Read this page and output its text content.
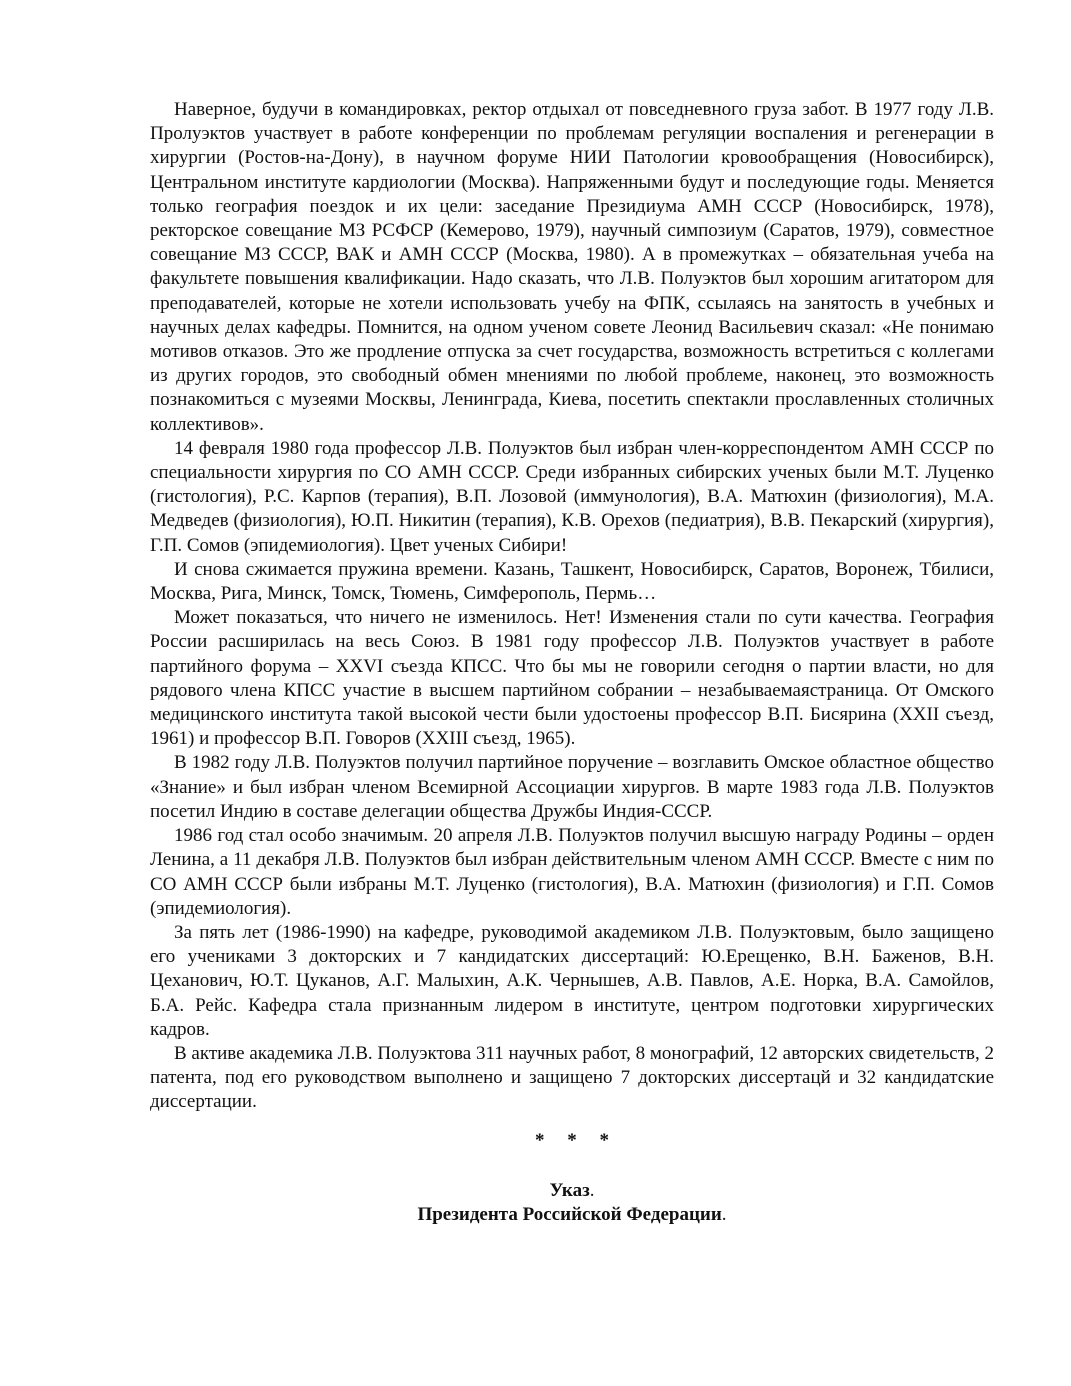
Наверное, будучи в командировках, ректор отдыхал от повседневного груза забот. В 1977 году Л.В. Пролуэктов участвует в работе конференции по проблемам регуляции воспаления и регенерации в хирургии (Ростов-на-Дону), в научном форуме НИИ Патологии кровообращения (Новосибирск), Центральном институте кардиологии (Москва). Напряженными будут и последующие годы. Меняется только география поездок и их цели: заседание Президиума АМН СССР (Новосибирск, 1978), ректорское совещание МЗ РСФСР (Кемерово, 1979), научный симпозиум (Саратов, 1979), совместное совещание МЗ СССР, ВАК и АМН СССР (Москва, 1980). А в промежутках – обязательная учеба на факультете повышения квалификации. Надо сказать, что Л.В. Полуэктов был хорошим агитатором для преподавателей, которые не хотели использовать учебу на ФПК, ссылаясь на занятость в учебных и научных делах кафедры. Помнится, на одном ученом совете Леонид Васильевич сказал: «Не понимаю мотивов отказов. Это же продление отпуска за счет государства, возможность встретиться с коллегами из других городов, это свободный обмен мнениями по любой проблеме, наконец, это возможность познакомиться с музеями Москвы, Ленинграда, Киева, посетить спектакли прославленных столичных коллективов».

14 февраля 1980 года профессор Л.В. Полуэктов был избран член-корреспондентом АМН СССР по специальности хирургия по СО АМН СССР. Среди избранных сибирских ученых были М.Т. Луценко (гистология), Р.С. Карпов (терапия), В.П. Лозовой (иммунология), В.А. Матюхин (физиология), М.А. Медведев (физиология), Ю.П. Никитин (терапия), К.В. Орехов (педиатрия), В.В. Пекарский (хирургия), Г.П. Сомов (эпидемиология). Цвет ученых Сибири!

И снова сжимается пружина времени. Казань, Ташкент, Новосибирск, Саратов, Воронеж, Тбилиси, Москва, Рига, Минск, Томск, Тюмень, Симферополь, Пермь…

Может показаться, что ничего не изменилось. Нет! Изменения стали по сути качества. География России расширилась на весь Союз. В 1981 году профессор Л.В. Полуэктов участвует в работе партийного форума – XXVI съезда КПСС. Что бы мы не говорили сегодня о партии власти, но для рядового члена КПСС участие в высшем партийном собрании – незабываемаястраница. От Омского медицинского института такой высокой чести были удостоены профессор В.П. Бисярина (XXII съезд, 1961) и профессор В.П. Говоров (XXIII съезд, 1965).

В 1982 году Л.В. Полуэктов получил партийное поручение – возглавить Омское областное общество «Знание» и был избран членом Всемирной Ассоциации хирургов. В марте 1983 года Л.В. Полуэктов посетил Индию в составе делегации общества Дружбы Индия-СССР.

1986 год стал особо значимым. 20 апреля Л.В. Полуэктов получил высшую награду Родины – орден Ленина, а 11 декабря Л.В. Полуэктов был избран действительным членом АМН СССР. Вместе с ним по СО АМН СССР были избраны М.Т. Луценко (гистология), В.А. Матюхин (физиология) и Г.П. Сомов (эпидемиология).

За пять лет (1986-1990) на кафедре, руководимой академиком Л.В. Полуэктовым, было защищено его учениками 3 докторских и 7 кандидатских диссертаций: Ю.Ерещенко, В.Н. Баженов, В.Н. Цеханович, Ю.Т. Цуканов, А.Г. Малыхин, А.К. Чернышев, А.В. Павлов, А.Е. Норка, В.А. Самойлов, Б.А. Рейс. Кафедра стала признанным лидером в институте, центром подготовки хирургических кадров.

В активе академика Л.В. Полуэктова 311 научных работ, 8 монографий, 12 авторских свидетельств, 2 патента, под его руководством выполнено и защищено 7 докторских диссертацй и 32 кандидатские диссертации.

* * *

Указ.

Президента Российской Федерации.
